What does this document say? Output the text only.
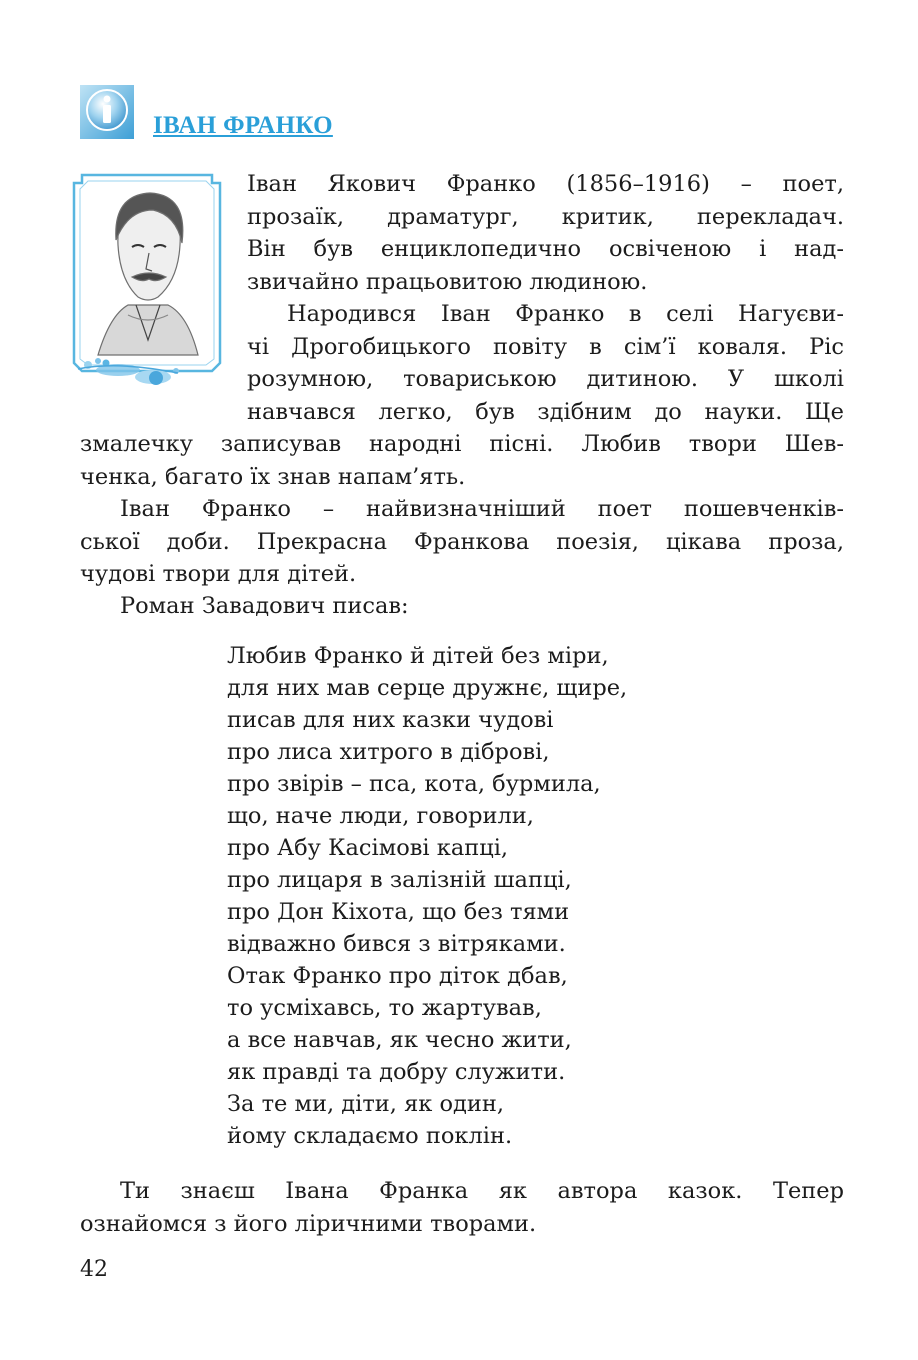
ІВАН ФРАНКО
Іван Якович Франко (1856–1916) – поет,
прозаїк, драматург, критик, перекладач.
Він був енциклопедично освіченою і над-
звичайно працьовитою людиною.
Народився Іван Франко в селі Нагуєви-
чі Дрогобицького повіту в сім’ї коваля. Ріс
розумною, товариською дитиною. У школі
навчався легко, був здібним до науки. Ще
змалечку записував народні пісні. Любив твори Шев-
ченка, багато їх знав напам’ять.
Іван Франко – найвизначніший поет пошевченків-
ської доби. Прекрасна Франкова поезія, цікава проза,
чудові твори для дітей.
Роман Завадович писав:
Любив Франко й дітей без міри,
для них мав серце дружнє, щире,
писав для них казки чудові
про лиса хитрого в діброві,
про звірів – пса, кота, бурмила,
що, наче люди, говорили,
про Абу Касімові капці,
про лицаря в залізній шапці,
про Дон Кіхота, що без тями
відважно бився з вітряками.
Отак Франко про діток дбав,
то усміхавсь, то жартував,
а все навчав, як чесно жити,
як правді та добру служити.
За те ми, діти, як один,
йому складаємо поклін.
Ти знаєш Івана Франка як автора казок. Тепер
ознайомся з його ліричними творами.
42
